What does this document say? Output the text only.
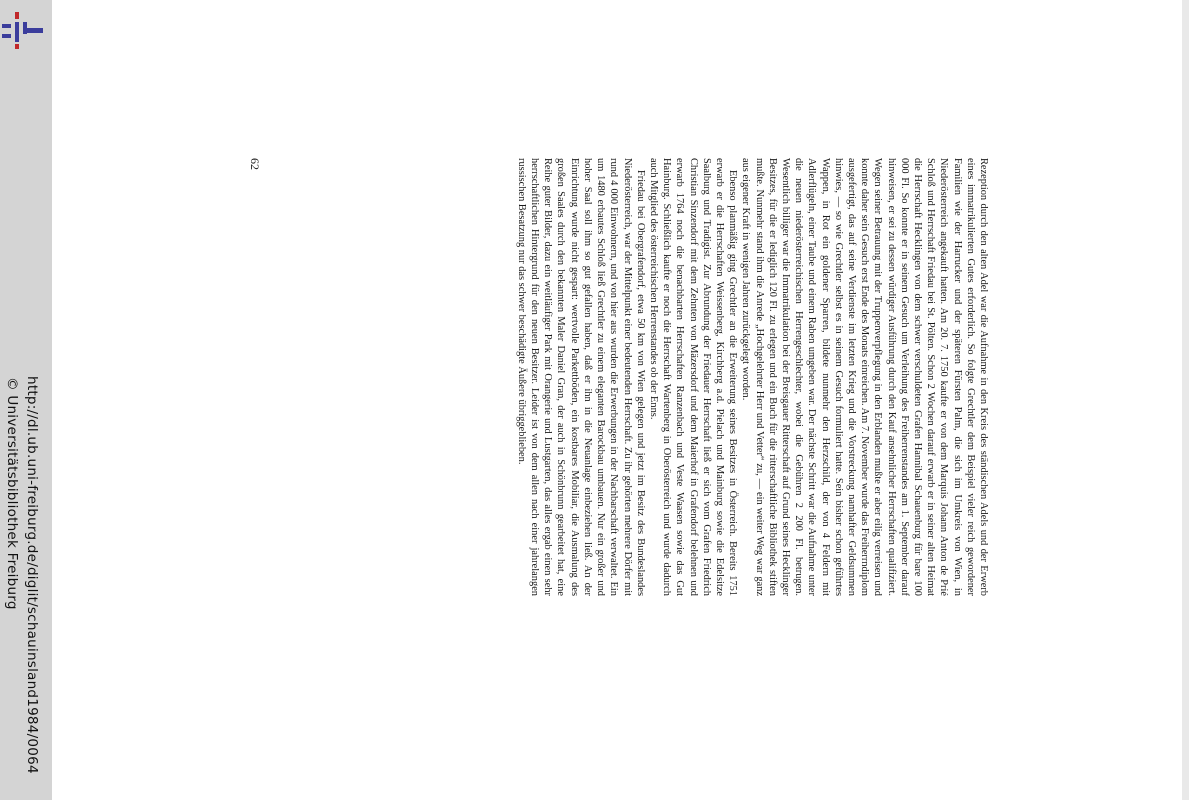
http://dl.ub.uni-freiburg.de/diglit/schauinsland1984/0064
© Universitätsbibliothek Freiburg	Rezeption durch den alten Adel war die Aufnahme in den Kreis des ständischen Adels und der Erwerb eines immatrikulierten Gutes erforderlich. So folgte Grechtler dem Beispiel vieler reich gewordener Familien wie der Harrucker und der späteren Fürsten Palm, die sich im Umkreis von Wien, in Niederösterreich angekauft hatten. Am 20. 7. 1750 kaufte er von dem Marquis Johann Anton de Prié Schloß und Herrschaft Friedau bei St. Pölten. Schon 2 Wochen darauf erwarb er in seiner alten Heimat die Herrschaft Hecklingen von dem schwer verschuldeten Grafen Hannibal Schauenburg für bare 100 000 Fl. So konnte er in seinem Gesuch um Verleihung des Freiherrenstandes am 1. September darauf hinweisen, er sei zu dessen würdiger Ausführung durch den Kauf ansehnlicher Herrschaften qualifiziert. Wegen seiner Betrauung mit der Truppenverpflegung in den Erblanden mußte er aber eilig verreisen und konnte daher sein Gesuch erst Ende des Monats einreichen. Am 7. November wurde das Freiherrndiplom ausgefertigt, das auf seine Verdienste im letzten Krieg und die Vorstreckung namhafter Geldsummen hinwies, — so wie Grechtler selbst es in seinem Gesuch formuliert hatte. Sein bisher schon geführtes Wappen, in Rot ein goldener Sparren, bildete nunmehr den Herzschild, der von 4 Feldern mit Adlerflügeln, einer Taube und einem Raben umgeben war. Der nächste Schritt war die Aufnahme unter die neuen niederösterreichischen Herrengeschlechter, wobei die Gebühren 2 200 Fl. betrugen. Wesentlich billiger war die Immatrikulation bei der Breisgauer Ritterschaft auf Grund seines Hecklinger Besitzes, für die er lediglich 120 Fl. zu erlegen und ein Buch für die ritterschaftliche Bibliothek stiften mußte. Nunmehr stand ihm die Anrede „Hochgelehrter Herr und Vetter“ zu, — ein weiter Weg war ganz aus eigener Kraft in wenigen Jahren zurückgelegt worden.

Ebenso planmäßig ging Grechtler an die Erweiterung seines Besitzes in Österreich. Bereits 1751 erwarb er die Herrschaften Weissenberg, Kirchberg a.d. Pielach und Mainburg sowie die Edelsitze Saalburg und Tradigist. Zur Abrundung der Friedauer Herrschaft ließ er sich vom Grafen Friedrich Christian Sinzendorf mit dem Zehnten von Mäzersdorf und dem Maierhof in Grafendorf belehnen und erwarb 1764 noch die benachbarten Herrschaften Ranzenbach und Veste Waasen sowie das Gut Hainburg. Schließlich kaufte er noch die Herrschaft Wartenberg in Oberösterreich und wurde dadurch auch Mitglied des österreichischen Herrenstandes ob der Enns.

Friedau bei Obergrafendorf, etwa 50 km von Wien gelegen und jetzt im Besitz des Bundeslandes Niederösterreich, war der Mittelpunkt einer bedeutenden Herrschaft. Zu ihr gehörten mehrere Dörfer mit rund 4 000 Einwohnern, und von hier aus wurden die Erwerbungen in der Nachbarschaft verwaltet. Ein um 1480 erbautes Schloß ließ Grechtler zu einem eleganten Barockbau umbauen. Nur ein großer und hoher Saal soll ihm so gut gefallen haben, daß er ihn in die Neuanlage einbeziehen ließ. An der Einrichtung wurde nicht gespart: wertvolle Parkettböden, ein kostbares Mobiliar, die Ausmalung des großen Saales durch den bekannten Maler Daniel Gran, der auch in Schönbrunn gearbeitet hat, eine Reihe guter Bilder, dazu ein weitläufiger Park mit Orangerie und Lustgarten, das alles ergab einen sehr herrschaftlichen Hintergrund für den neuen Besitzer. Leider ist von dem allen nach einer jahrelangen russischen Besatzung nur das schwer beschädigte Äußere übriggeblieben.

62
